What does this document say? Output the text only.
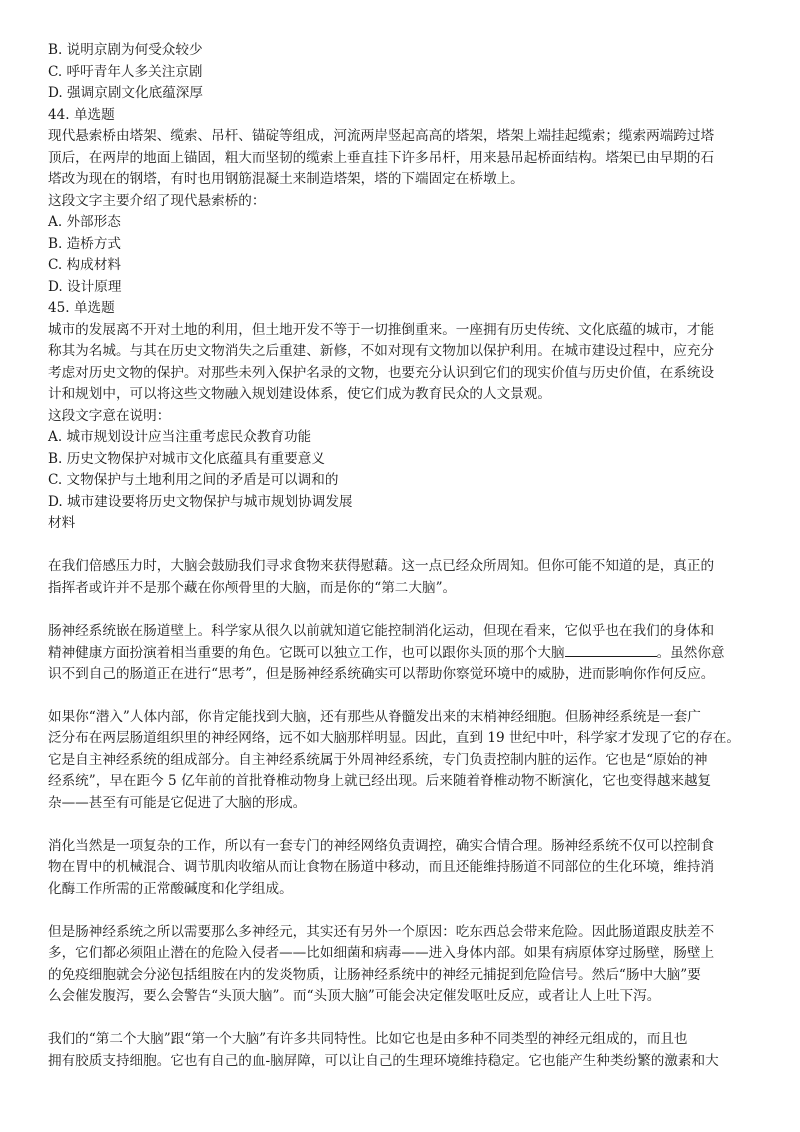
B. 说明京剧为何受众较少
C. 呼吁青年人多关注京剧
D. 强调京剧文化底蕴深厚
44. 单选题
现代悬索桥由塔架、缆索、吊杆、锚碇等组成，河流两岸竖起高高的塔架，塔架上端挂起缆索；缆索两端跨过塔
顶后，在两岸的地面上锚固，粗大而坚韧的缆索上垂直挂下许多吊杆，用来悬吊起桥面结构。塔架已由早期的石
塔改为现在的钢塔，有时也用钢筋混凝土来制造塔架，塔的下端固定在桥墩上。
这段文字主要介绍了现代悬索桥的：
A. 外部形态
B. 造桥方式
C. 构成材料
D. 设计原理
45. 单选题
城市的发展离不开对土地的利用，但土地开发不等于一切推倒重来。一座拥有历史传统、文化底蕴的城市，才能
称其为名城。与其在历史文物消失之后重建、新修，不如对现有文物加以保护利用。在城市建设过程中，应充分
考虑对历史文物的保护。对那些未列入保护名录的文物，也要充分认识到它们的现实价值与历史价值，在系统设
计和规划中，可以将这些文物融入规划建设体系，使它们成为教育民众的人文景观。
这段文字意在说明：
A. 城市规划设计应当注重考虑民众教育功能
B. 历史文物保护对城市文化底蕴具有重要意义
C. 文物保护与土地利用之间的矛盾是可以调和的
D. 城市建设要将历史文物保护与城市规划协调发展
材料
在我们倍感压力时，大脑会鼓励我们寻求食物来获得慰藉。这一点已经众所周知。但你可能不知道的是，真正的
指挥者或许并不是那个藏在你颅骨里的大脑，而是你的“第二大脑”。
肠神经系统嵌在肠道壁上。科学家从很久以前就知道它能控制消化运动，但现在看来，它似乎也在我们的身体和
精神健康方面扮演着相当重要的角色。它既可以独立工作，也可以跟你头顶的那个大脑	。虽然你意
识不到自己的肠道正在进行“思考”，但是肠神经系统确实可以帮助你察觉环境中的威胁，进而影响你作何反应。
如果你“潜入”人体内部，你肯定能找到大脑，还有那些从脊髓发出来的末梢神经细胞。但肠神经系统是一套广
泛分布在两层肠道组织里的神经网络，远不如大脑那样明显。因此，直到 19 世纪中叶，科学家才发现了它的存在。
它是自主神经系统的组成部分。自主神经系统属于外周神经系统，专门负责控制内脏的运作。它也是“原始的神
经系统”，早在距今 5 亿年前的首批脊椎动物身上就已经出现。后来随着脊椎动物不断演化，它也变得越来越复
杂——甚至有可能是它促进了大脑的形成。
消化当然是一项复杂的工作，所以有一套专门的神经网络负责调控，确实合情合理。肠神经系统不仅可以控制食
物在胃中的机械混合、调节肌肉收缩从而让食物在肠道中移动，而且还能维持肠道不同部位的生化环境，维持消
化酶工作所需的正常酸碱度和化学组成。
但是肠神经系统之所以需要那么多神经元，其实还有另外一个原因：吃东西总会带来危险。因此肠道跟皮肤差不
多，它们都必须阻止潜在的危险入侵者——比如细菌和病毒——进入身体内部。如果有病原体穿过肠壁，肠壁上
的免疫细胞就会分泌包括组胺在内的发炎物质，让肠神经系统中的神经元捕捉到危险信号。然后“肠中大脑”要
么会催发腹泻，要么会警告“头顶大脑”。而“头顶大脑”可能会决定催发呕吐反应，或者让人上吐下泻。
我们的“第二个大脑”跟“第一个大脑”有许多共同特性。比如它也是由多种不同类型的神经元组成的，而且也
拥有胶质支持细胞。它也有自己的血-脑屏障，可以让自己的生理环境维持稳定。它也能产生种类纷繁的激素和大
